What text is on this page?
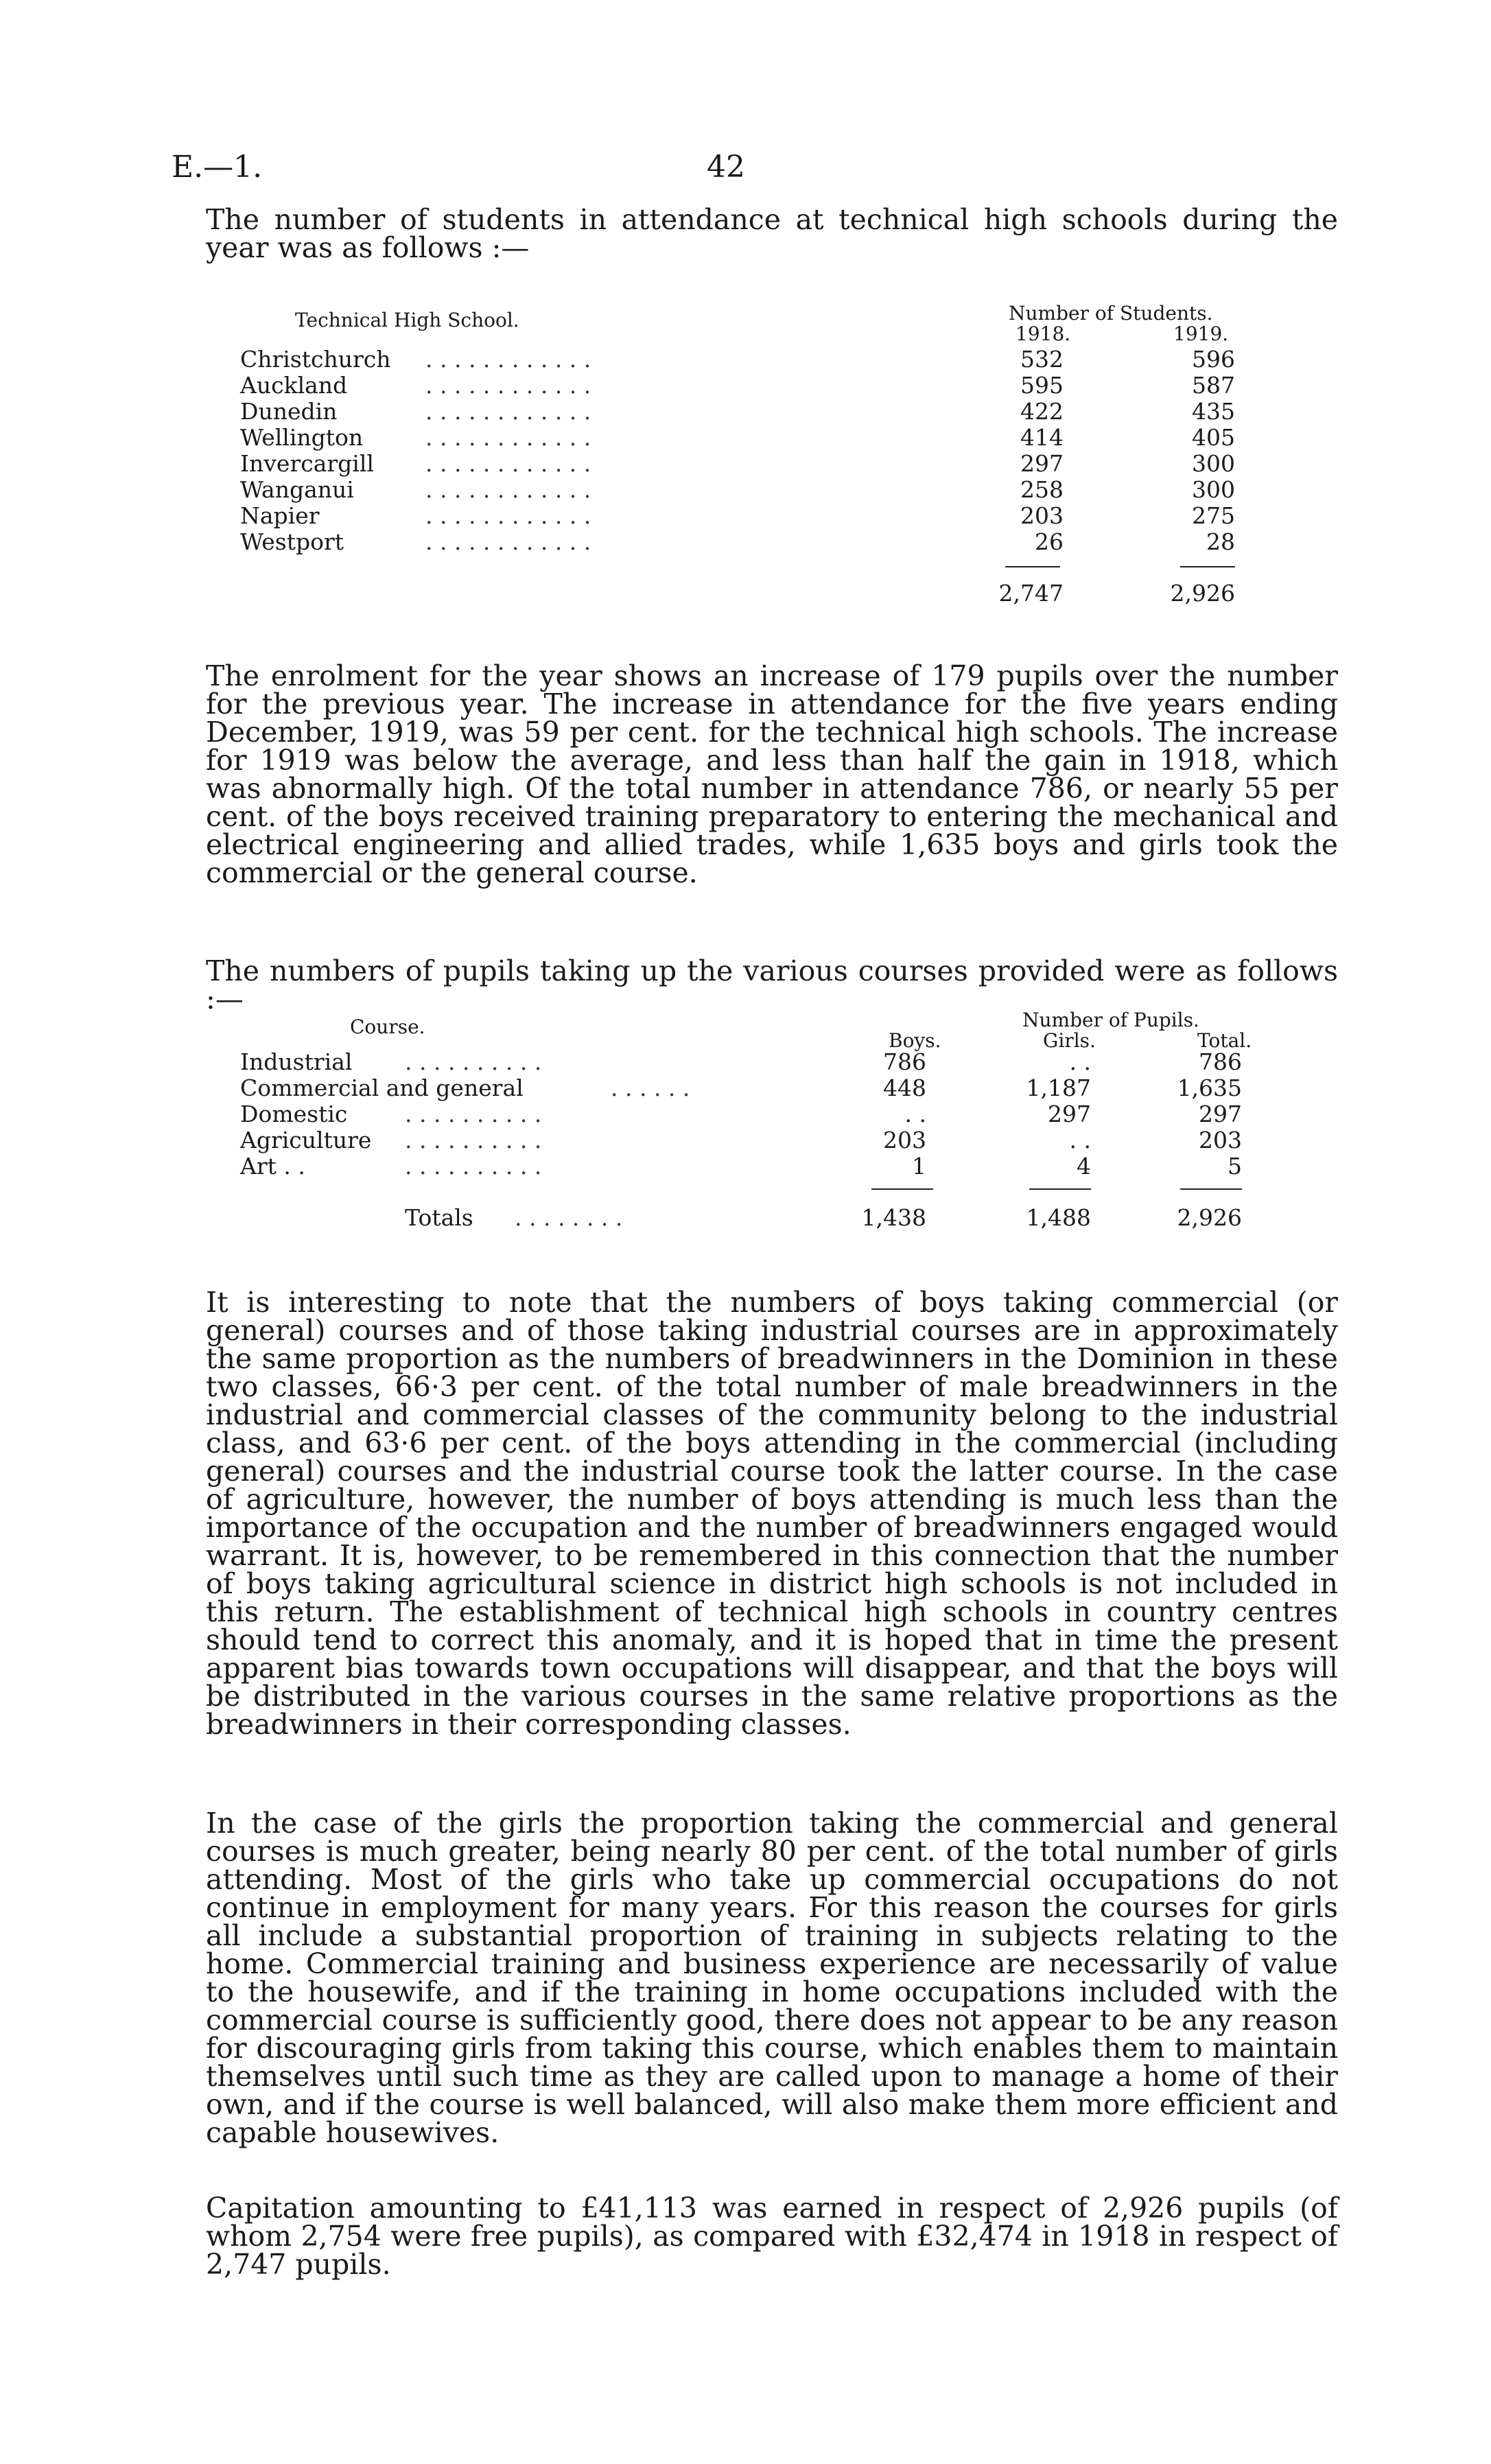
E.—1.	42

The number of students in attendance at technical high schools during the year was as follows :—

Technical High School.	Number of Students.
1918.	1919.
Christchurch . . . . . . . . . . . .	532	596
Auckland	. . . . . . . . . . . .	595	587
Dunedin	. . . . . . . . . . . .	422	435
Wellington	. . . . . . . . . . . .	414	405
Invercargill . . . . . . . . . . . .	297	300
Wanganui	. . . . . . . . . . . .	258	300
Napier	. . . . . . . . . . . .	203	275
Westport	. . . . . . . . . . . .	26	28
2,747	2,926

The enrolment for the year shows an increase of 179 pupils over the number for the previous year. The increase in attendance for the five years ending December, 1919, was 59 per cent. for the technical high schools. The increase for 1919 was below the average, and less than half the gain in 1918, which was abnormally high. Of the total number in attendance 786, or nearly 55 per cent. of the boys received training preparatory to entering the mechanical and electrical engineering and allied trades, while 1,635 boys and girls took the commercial or the general course.

The numbers of pupils taking up the various courses provided were as follows :—

Course.	Number of Pupils.
Boys.	Girls.	Total.
Industrial . . . . . . . . . .	786	. .	786
Commercial and general	. . . . . .	448	1,187	1,635
Domestic	. . . . . . . . . .	. .	297	297
Agriculture . . . . . . . . . .	203	. .	203
Art . .	. . . . . . . . . .	1	4	5
Totals . . . . . . . .	1,438	1,488	2,926

It is interesting to note that the numbers of boys taking commercial (or general) courses and of those taking industrial courses are in approximately the same proportion as the numbers of breadwinners in the Dominion in these two classes, 66·3 per cent. of the total number of male breadwinners in the industrial and commercial classes of the community belong to the industrial class, and 63·6 per cent. of the boys attending in the commercial (including general) courses and the industrial course took the latter course. In the case of agriculture, however, the number of boys attending is much less than the importance of the occupation and the number of breadwinners engaged would warrant. It is, however, to be remembered in this connection that the number of boys taking agricultural science in district high schools is not included in this return. The establishment of technical high schools in country centres should tend to correct this anomaly, and it is hoped that in time the present apparent bias towards town occupations will disappear, and that the boys will be distributed in the various courses in the same relative proportions as the breadwinners in their corresponding classes.

In the case of the girls the proportion taking the commercial and general courses is much greater, being nearly 80 per cent. of the total number of girls attending. Most of the girls who take up commercial occupations do not continue in employment for many years. For this reason the courses for girls all include a substantial proportion of training in subjects relating to the home. Commercial training and business experience are necessarily of value to the housewife, and if the training in home occupations included with the commercial course is sufficiently good, there does not appear to be any reason for discouraging girls from taking this course, which enables them to maintain themselves until such time as they are called upon to manage a home of their own, and if the course is well balanced, will also make them more efficient and capable housewives.

Capitation amounting to £41,113 was earned in respect of 2,926 pupils (of whom 2,754 were free pupils), as compared with £32,474 in 1918 in respect of 2,747 pupils.
